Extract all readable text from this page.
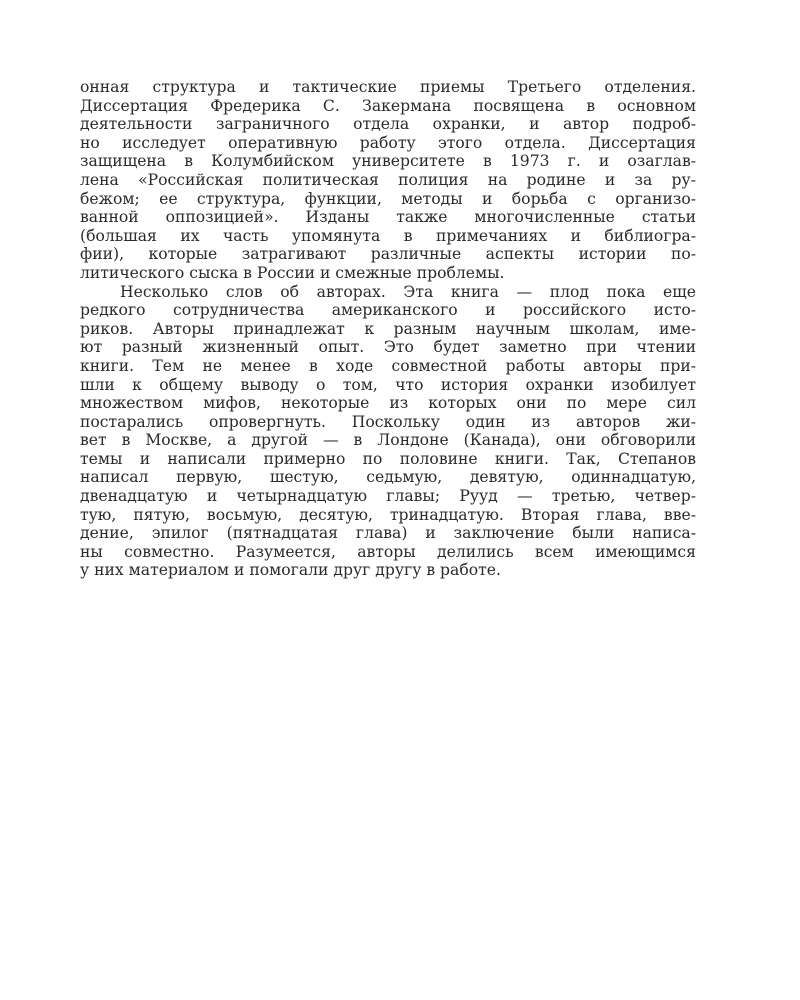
онная структура и тактические приемы Третьего отделения.
Диссертация Фредерика С. Закермана посвящена в основном
деятельности заграничного отдела охранки, и автор подроб-
но исследует оперативную работу этого отдела. Диссертация
защищена в Колумбийском университете в 1973 г. и озаглав-
лена «Российская политическая полиция на родине и за ру-
бежом; ее структура, функции, методы и борьба с организо-
ванной оппозицией». Изданы также многочисленные статьи
(большая их часть упомянута в примечаниях и библиогра-
фии), которые затрагивают различные аспекты истории по-
литического сыска в России и смежные проблемы.

Несколько слов об авторах. Эта книга — плод пока еще
редкого сотрудничества американского и российского исто-
риков. Авторы принадлежат к разным научным школам, име-
ют разный жизненный опыт. Это будет заметно при чтении
книги. Тем не менее в ходе совместной работы авторы при-
шли к общему выводу о том, что история охранки изобилует
множеством мифов, некоторые из которых они по мере сил
постарались опровергнуть. Поскольку один из авторов жи-
вет в Москве, а другой — в Лондоне (Канада), они обговорили
темы и написали примерно по половине книги. Так, Степанов
написал первую, шестую, седьмую, девятую, одиннадцатую,
двенадцатую и четырнадцатую главы; Рууд — третью, четвер-
тую, пятую, восьмую, десятую, тринадцатую. Вторая глава, вве-
дение, эпилог (пятнадцатая глава) и заключение были написа-
ны совместно. Разумеется, авторы делились всем имеющимся
у них материалом и помогали друг другу в работе.
